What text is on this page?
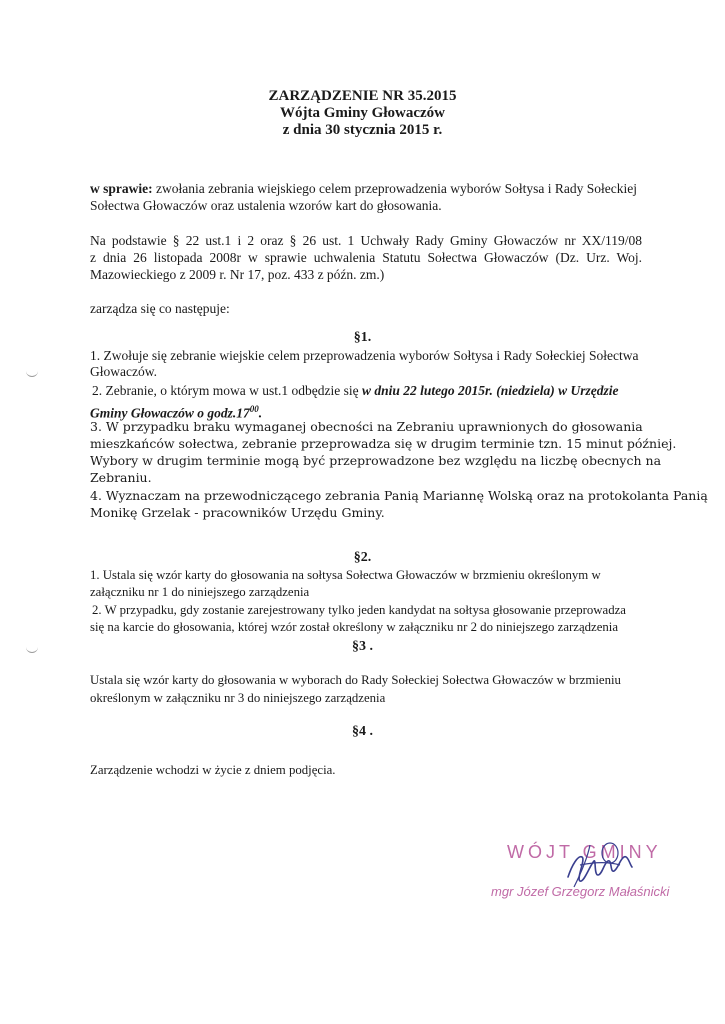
ZARZĄDZENIE NR 35.2015
Wójta Gminy Głowaczów
z dnia 30 stycznia 2015 r.
w sprawie: zwołania zebrania wiejskiego celem przeprowadzenia wyborów Sołtysa i Rady Sołeckiej
Sołectwa Głowaczów oraz ustalenia wzorów kart do głosowania.
Na podstawie § 22 ust.1 i 2 oraz § 26 ust. 1 Uchwały Rady Gminy Głowaczów nr XX/119/08
z dnia 26 listopada 2008r w sprawie uchwalenia Statutu Sołectwa Głowaczów (Dz. Urz. Woj.
Mazowieckiego z 2009 r. Nr 17, poz. 433 z późn. zm.)
zarządza się co następuje:
§1.
1. Zwołuje się zebranie wiejskie celem przeprowadzenia wyborów Sołtysa i Rady Sołeckiej Sołectwa
Głowaczów.
2. Zebranie, o którym mowa w ust.1 odbędzie się w dniu 22 lutego 2015r. (niedziela) w Urzędzie
Gminy Głowaczów o $godz.17^{00}$.
3. W przypadku braku wymaganej obecności na Zebraniu uprawnionych do głosowania
mieszkańców sołectwa, zebranie przeprowadza się w drugim terminie tzn. 15 minut później.
Wybory w drugim terminie mogą być przeprowadzone bez względu na liczbę obecnych na
Zebraniu.
4. Wyznaczam na przewodniczącego zebrania Panią Mariannę Wolską oraz na protokolanta Panią
Monikę Grzelak - pracowników Urzędu Gminy.
§2.
1. Ustala się wzór karty do głosowania na sołtysa Sołectwa Głowaczów w brzmieniu określonym w
załączniku nr 1 do niniejszego zarządzenia
2. W przypadku, gdy zostanie zarejestrowany tylko jeden kandydat na sołtysa głosowanie przeprowadza
się na karcie do głosowania, której wzór został określony w załączniku nr 2 do niniejszego zarządzenia
§3 .
Ustala się wzór karty do głosowania w wyborach do Rady Sołeckiej Sołectwa Głowaczów w brzmieniu
określonym w załączniku nr 3 do niniejszego zarządzenia
§4 .
Zarządzenie wchodzi w życie z dniem podjęcia.
WÓJT GMINY
mgr Józef Grzegorz Małaśnicki
